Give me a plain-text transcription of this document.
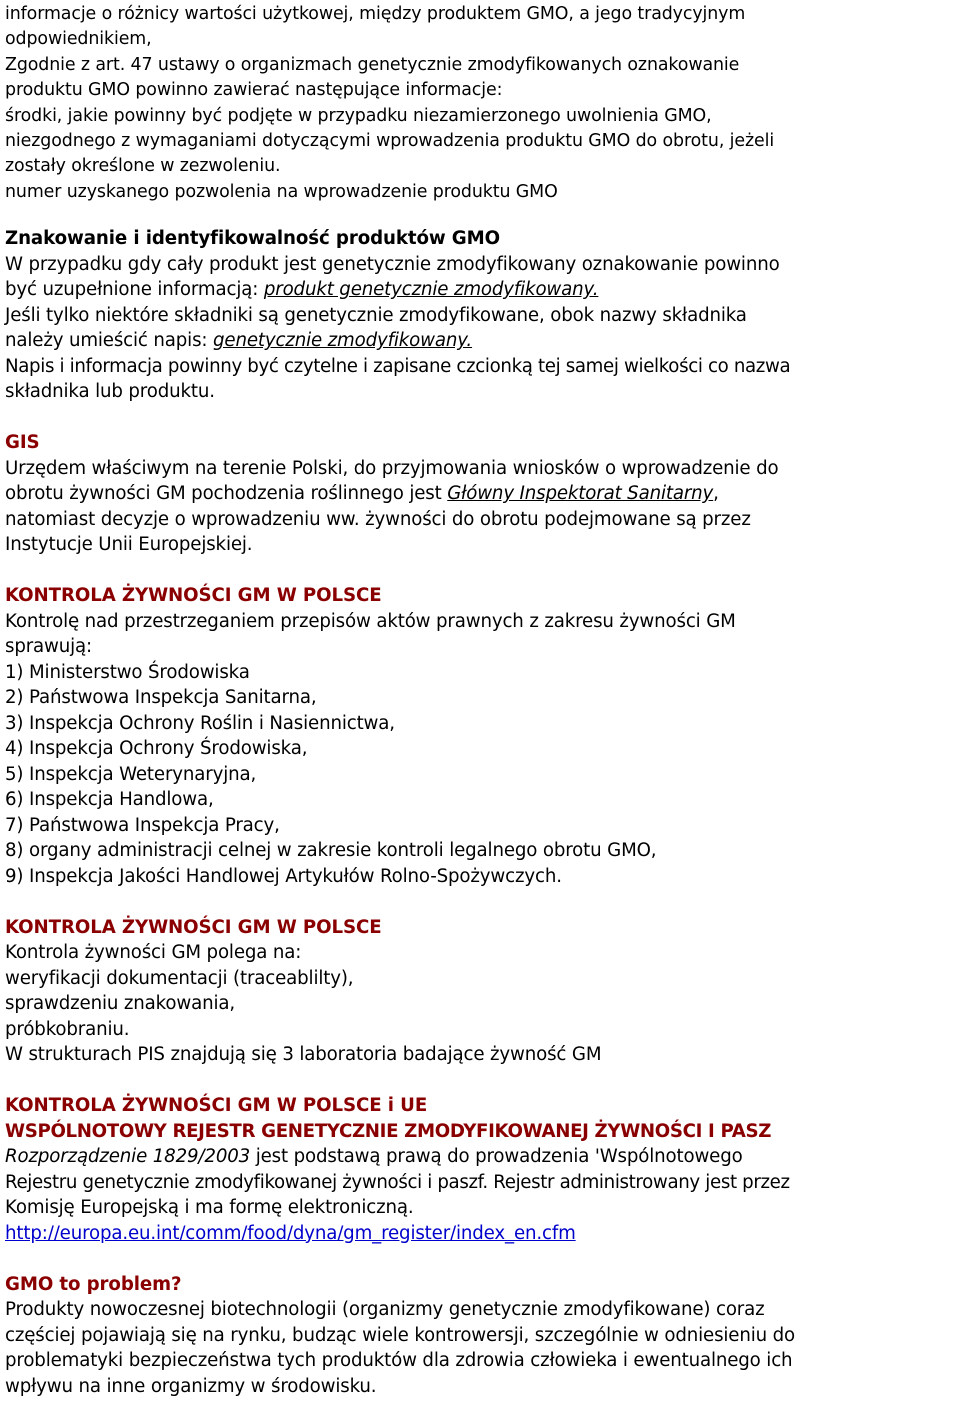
informacje o różnicy wartości użytkowej, między produktem GMO, a jego tradycyjnym
odpowiednikiem,
Zgodnie z art. 47 ustawy o organizmach genetycznie zmodyfikowanych oznakowanie
produktu GMO powinno zawierać następujące informacje:
środki, jakie powinny być podjęte w przypadku niezamierzonego uwolnienia GMO,
niezgodnego z wymaganiami dotyczącymi wprowadzenia produktu GMO do obrotu, jeżeli
zostały określone w zezwoleniu.
numer uzyskanego pozwolenia na wprowadzenie produktu GMO
Znakowanie i identyfikowalność produktów GMO
W przypadku gdy cały produkt jest genetycznie zmodyfikowany oznakowanie powinno
być uzupełnione informacją: produkt genetycznie zmodyfikowany.
Jeśli tylko niektóre składniki są genetycznie zmodyfikowane, obok nazwy składnika
należy umieścić napis: genetycznie zmodyfikowany.
Napis i informacja powinny być czytelne i zapisane czcionką tej samej wielkości co nazwa
składnika lub produktu.
GIS
Urzędem właściwym na terenie Polski, do przyjmowania wniosków o wprowadzenie do
obrotu żywności GM pochodzenia roślinnego jest Główny Inspektorat Sanitarny,
natomiast decyzje o wprowadzeniu ww. żywności do obrotu podejmowane są przez
Instytucje Unii Europejskiej.
KONTROLA ŻYWNOŚCI GM W POLSCE
Kontrolę nad przestrzeganiem przepisów aktów prawnych z zakresu żywności GM
sprawują:
1) Ministerstwo Środowiska
2) Państwowa Inspekcja Sanitarna,
3) Inspekcja Ochrony Roślin i Nasiennictwa,
4) Inspekcja Ochrony Środowiska,
5) Inspekcja Weterynaryjna,
6) Inspekcja Handlowa,
7) Państwowa Inspekcja Pracy,
8) organy administracji celnej w zakresie kontroli legalnego obrotu GMO,
9) Inspekcja Jakości Handlowej Artykułów Rolno-Spożywczych.
KONTROLA ŻYWNOŚCI GM W POLSCE
Kontrola żywności GM polega na:
weryfikacji dokumentacji (traceablilty),
sprawdzeniu znakowania,
próbkobraniu.
W strukturach PIS znajdują się 3 laboratoria badające żywność GM
KONTROLA ŻYWNOŚCI GM W POLSCE i UE
WSPÓLNOTOWY REJESTR GENETYCZNIE ZMODYFIKOWANEJ ŻYWNOŚCI I PASZ
Rozporządzenie 1829/2003 jest podstawą prawą do prowadzenia 'Wspólnotowego
Rejestru genetycznie zmodyfikowanej żywności i paszf. Rejestr administrowany jest przez
Komisję Europejską i ma formę elektroniczną.
http://europa.eu.int/comm/food/dyna/gm_register/index_en.cfm
GMO to problem?
Produkty nowoczesnej biotechnologii (organizmy genetycznie zmodyfikowane) coraz
częściej pojawiają się na rynku, budząc wiele kontrowersji, szczególnie w odniesieniu do
problematyki bezpieczeństwa tych produktów dla zdrowia człowieka i ewentualnego ich
wpływu na inne organizmy w środowisku.
